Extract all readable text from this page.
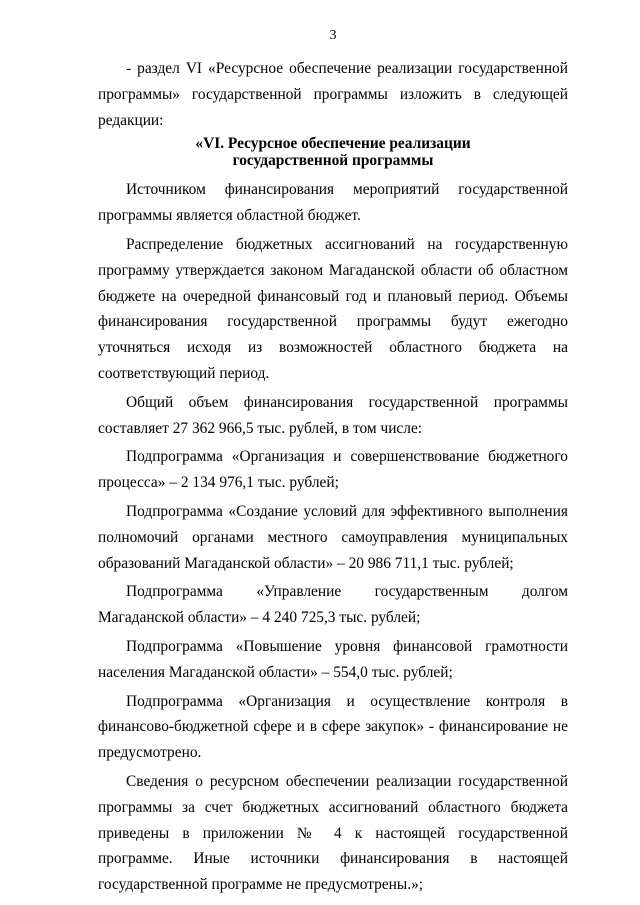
3

- раздел VI «Ресурсное обеспечение реализации государственной программы» государственной программы изложить в следующей редакции:

«VI. Ресурсное обеспечение реализации
государственной программы

Источником финансирования мероприятий государственной программы является областной бюджет.

Распределение бюджетных ассигнований на государственную программу утверждается законом Магаданской области об областном бюджете на очередной финансовый год и плановый период. Объемы финансирования государственной программы будут ежегодно уточняться исходя из возможностей областного бюджета на соответствующий период.

Общий объем финансирования государственной программы составляет 27 362 966,5 тыс. рублей, в том числе:

Подпрограмма «Организация и совершенствование бюджетного процесса» – 2 134 976,1 тыс. рублей;

Подпрограмма «Создание условий для эффективного выполнения полномочий органами местного самоуправления муниципальных образований Магаданской области» – 20 986 711,1 тыс. рублей;

Подпрограмма «Управление государственным долгом Магаданской области» – 4 240 725,3 тыс. рублей;

Подпрограмма «Повышение уровня финансовой грамотности населения Магаданской области» – 554,0 тыс. рублей;

Подпрограмма «Организация и осуществление контроля в финансово-бюджетной сфере и в сфере закупок» - финансирование не предусмотрено.

Сведения о ресурсном обеспечении реализации государственной программы за счет бюджетных ассигнований областного бюджета приведены в приложении № 4 к настоящей государственной программе. Иные источники финансирования в настоящей государственной программе не предусмотрены.»;
